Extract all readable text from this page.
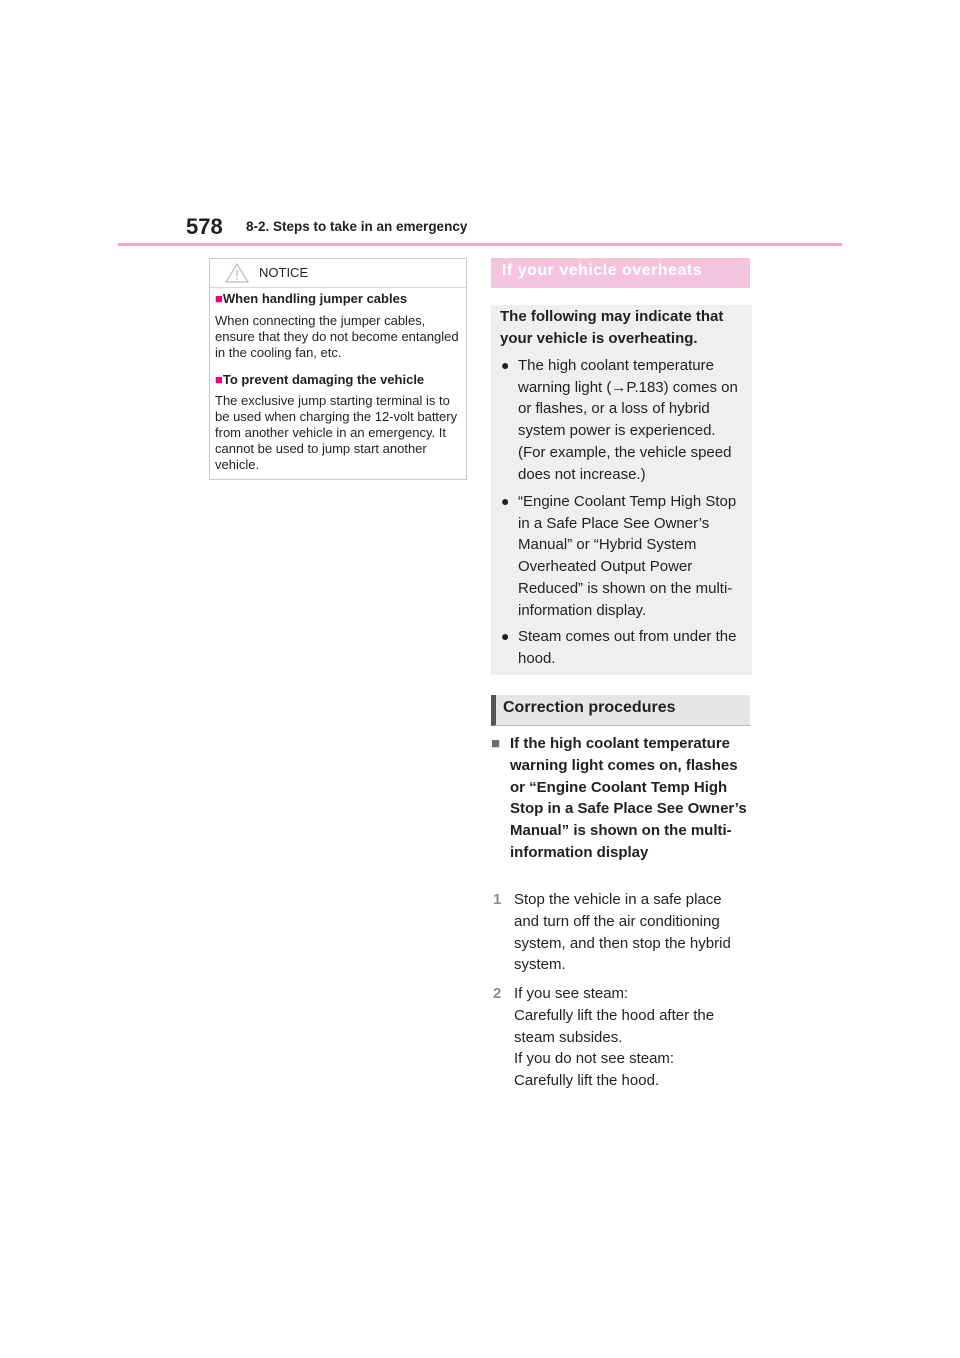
578 8-2. Steps to take in an emergency
NOTICE
■When handling jumper cables
When connecting the jumper cables, ensure that they do not become entangled in the cooling fan, etc.
■To prevent damaging the vehicle
The exclusive jump starting terminal is to be used when charging the 12-volt battery from another vehicle in an emergency. It cannot be used to jump start another vehicle.
If your vehicle overheats
The following may indicate that your vehicle is overheating.
● The high coolant temperature warning light (→P.183) comes on or flashes, or a loss of hybrid system power is experienced. (For example, the vehicle speed does not increase.)
● “Engine Coolant Temp High Stop in a Safe Place See Owner’s Manual” or “Hybrid System Overheated Output Power Reduced” is shown on the multi-information display.
● Steam comes out from under the hood.
Correction procedures
■ If the high coolant temperature warning light comes on, flashes or “Engine Coolant Temp High Stop in a Safe Place See Owner’s Manual” is shown on the multi-information display
1 Stop the vehicle in a safe place and turn off the air conditioning system, and then stop the hybrid system.
2 If you see steam:
Carefully lift the hood after the steam subsides.
If you do not see steam:
Carefully lift the hood.
